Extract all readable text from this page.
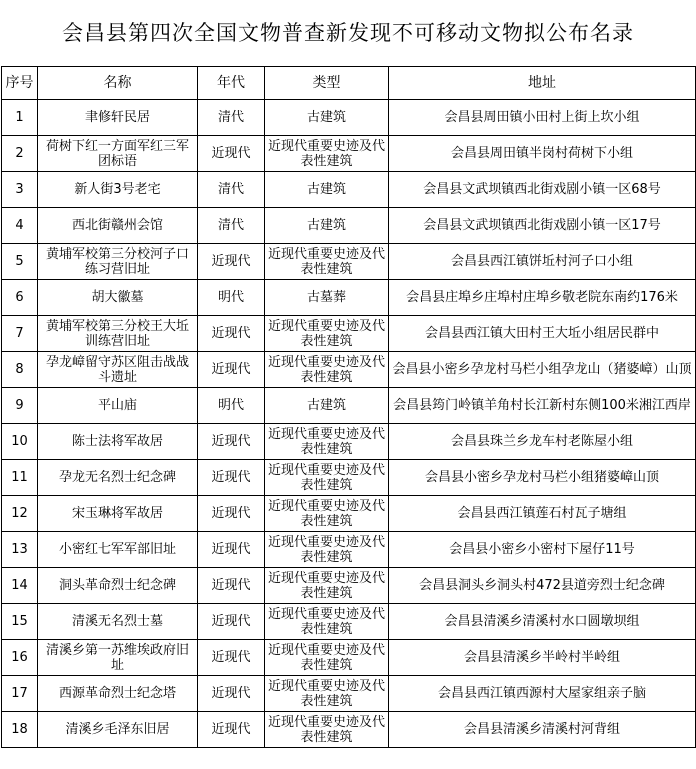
会昌县第四次全国文物普查新发现不可移动文物拟公布名录
序号	名称	年代	类型	地址
1	聿修轩民居	清代	古建筑	会昌县周田镇小田村上街上坎小组
2	荷树下红一方面军红三军团标语	近现代	近现代重要史迹及代表性建筑	会昌县周田镇半岗村荷树下小组
3	新人街3号老宅	清代	古建筑	会昌县文武坝镇西北街戏剧小镇一区68号
4	西北街赣州会馆	清代	古建筑	会昌县文武坝镇西北街戏剧小镇一区17号
5	黄埔军校第三分校河子口练习营旧址	近现代	近现代重要史迹及代表性建筑	会昌县西江镇饼坵村河子口小组
6	胡大徽墓	明代	古墓葬	会昌县庄埠乡庄埠村庄埠乡敬老院东南约176米
7	黄埔军校第三分校王大坵训练营旧址	近现代	近现代重要史迹及代表性建筑	会昌县西江镇大田村王大坵小组居民群中
8	孕龙嶂留守苏区阻击战战斗遗址	近现代	近现代重要史迹及代表性建筑	会昌县小密乡孕龙村马栏小组孕龙山（猪婆嶂）山顶
9	平山庙	明代	古建筑	会昌县筠门岭镇羊角村长江新村东侧100米湘江西岸
10	陈士法将军故居	近现代	近现代重要史迹及代表性建筑	会昌县珠兰乡龙车村老陈屋小组
11	孕龙无名烈士纪念碑	近现代	近现代重要史迹及代表性建筑	会昌县小密乡孕龙村马栏小组猪婆嶂山顶
12	宋玉琳将军故居	近现代	近现代重要史迹及代表性建筑	会昌县西江镇莲石村瓦子塘组
13	小密红七军军部旧址	近现代	近现代重要史迹及代表性建筑	会昌县小密乡小密村下屋仔11号
14	洞头革命烈士纪念碑	近现代	近现代重要史迹及代表性建筑	会昌县洞头乡洞头村472县道旁烈士纪念碑
15	清溪无名烈士墓	近现代	近现代重要史迹及代表性建筑	会昌县清溪乡清溪村水口圆墩坝组
16	清溪乡第一苏维埃政府旧址	近现代	近现代重要史迹及代表性建筑	会昌县清溪乡半岭村半岭组
17	西源革命烈士纪念塔	近现代	近现代重要史迹及代表性建筑	会昌县西江镇西源村大屋家组亲子脑
18	清溪乡毛泽东旧居	近现代	近现代重要史迹及代表性建筑	会昌县清溪乡清溪村河背组
